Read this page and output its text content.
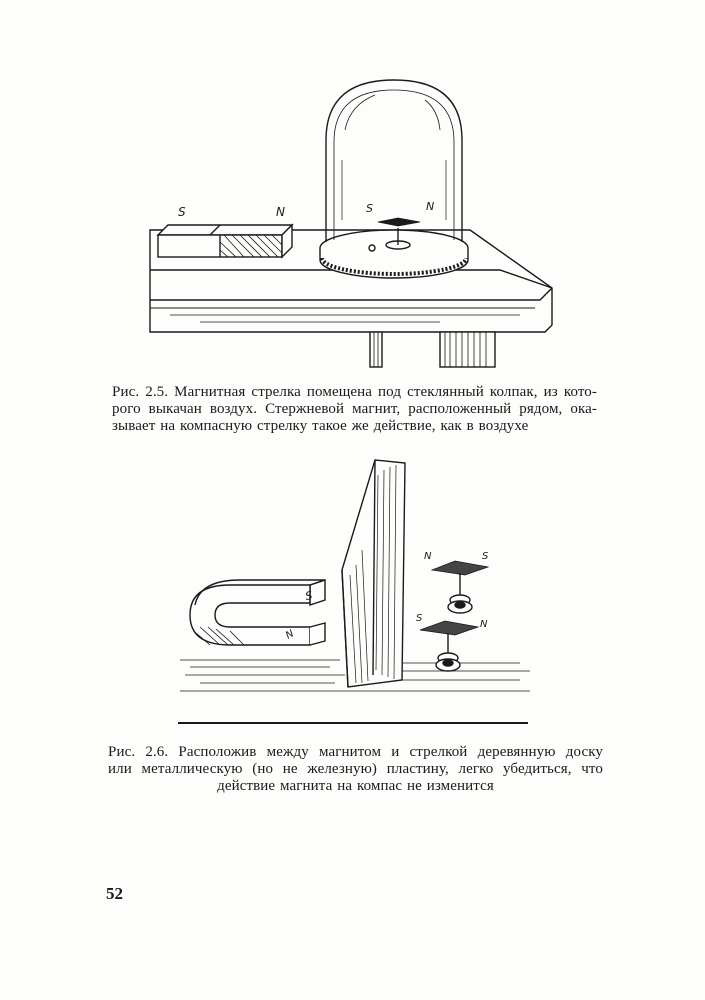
S	N	S	N
Рис. 2.5. Магнитная стрелка помещена под стеклянный колпак, из кото-
рого выкачан воздух. Стержневой магнит, расположенный рядом, ока-
зывает на компасную стрелку такое же действие, как в воздухе
S
N
N	S
S
N
Рис. 2.6. Расположив между магнитом и стрелкой деревянную доску
или металлическую (но не железную) пластину, легко убедиться, что
действие магнита на компас не изменится
52
